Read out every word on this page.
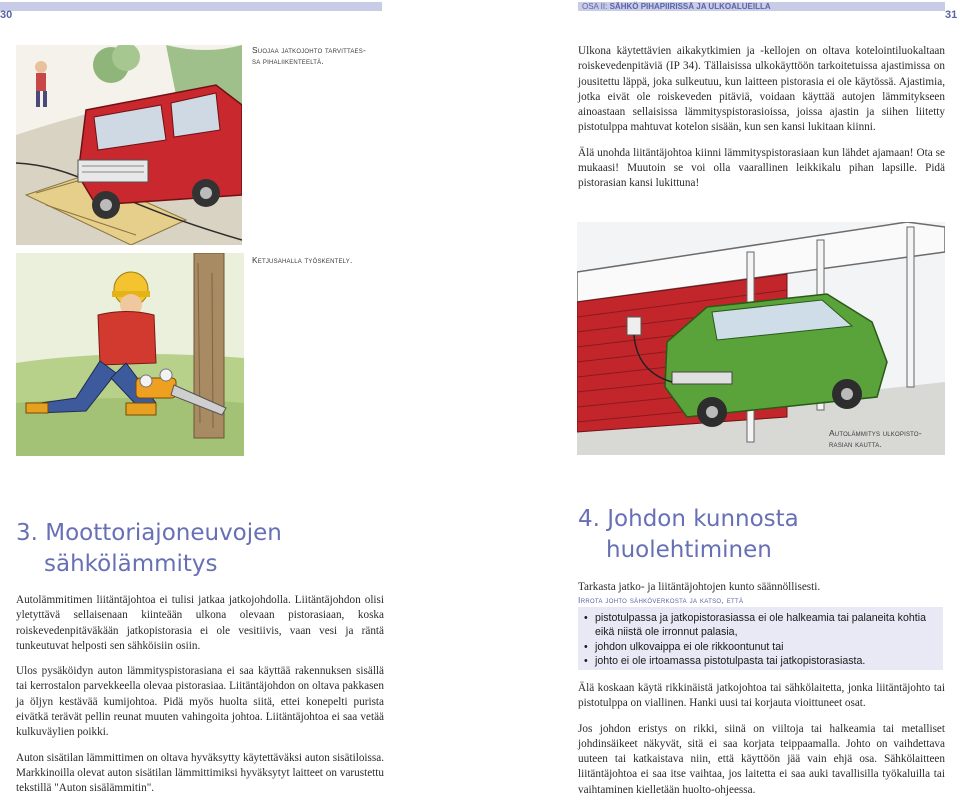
30	31
OSA II: SÄHKÖ PIHAPIIRISSÄ JA ULKOALUEILLA
Suojaa jatkojohto tarvittaes-
sa pihaliikenteeltä.

Ulkona käytettävien aikakytkimien ja -kellojen on oltava kotelointiluokaltaan roiskevedenpitäviä (IP 34). Tällaisissa ulkokäyttöön tarkoitetuissa ajastimissa on jousitettu läppä, joka sulkeutuu, kun laitteen pistorasia ei ole käytössä. Ajastimia, jotka eivät ole roiskeveden pitäviä, voidaan käyttää autojen lämmitykseen ainoastaan sellaisissa lämmityspistorasioissa, joissa ajastin ja siihen liitetty pistotulppa mahtuvat kotelon sisään, kun sen kansi lukitaan kiinni.

Älä unohda liitäntäjohtoa kiinni lämmityspistorasiaan kun lähdet ajamaan! Ota se mukaasi! Muutoin se voi olla vaarallinen leikkikalu pihan lapsille. Pidä pistorasian kansi lukittuna!

Ketjusahalla työskentely.
Autolämmitys ulkopisto-
rasian kautta.
3. Moottoriajoneuvojen
sähkölämmitys

Autolämmitimen liitäntäjohtoa ei tulisi jatkaa jatkojohdolla. Liitäntäjohdon olisi yletyttävä sellaisenaan kiinteään ulkona olevaan pistorasiaan, koska roiskevedenpitäväkään jatkopistorasia ei ole vesitiivis, vaan vesi ja räntä tunkeutuvat helposti sen sähköisiin osiin.

Ulos pysäköidyn auton lämmityspistorasiana ei saa käyttää rakennuksen sisällä tai kerrostalon parvekkeella olevaa pistorasiaa. Liitäntäjohdon on oltava pakkasen ja öljyn kestävää kumijohtoa. Pidä myös huolta siitä, ettei konepelti purista eivätkä terävät pellin reunat muuten vahingoita johtoa. Liitäntäjohtoa ei saa vetää kulkuväylien poikki.

Auton sisätilan lämmittimen on oltava hyväksytty käytettäväksi auton sisätiloissa. Markkinoilla olevat auton sisätilan lämmittimiksi hyväksytyt laitteet on varustettu tekstillä "Auton sisälämmitin".

4. Johdon kunnosta
huolehtiminen
Tarkasta jatko- ja liitäntäjohtojen kunto säännöllisesti.
Irrota johto sähköverkosta ja katso, että
• pistotulpassa ja jatkopistorasiassa ei ole halkeamia tai palaneita kohtia
eikä niistä ole irronnut palasia,
• johdon ulkovaippa ei ole rikkoontunut tai
• johto ei ole irtoamassa pistotulpasta tai jatkopistorasiasta.

Älä koskaan käytä rikkinäistä jatkojohtoa tai sähkölaitetta, jonka liitäntäjohto tai pistotulppa on viallinen. Hanki uusi tai korjauta vioittuneet osat.

Jos johdon eristys on rikki, siinä on viiltoja tai halkeamia tai metalliset johdinsäikeet näkyvät, sitä ei saa korjata teippaamalla. Johto on vaihdettava uuteen tai katkaistava niin, että käyttöön jää vain ehjä osa. Sähkölaitteen liitäntäjohtoa ei saa itse vaihtaa, jos laitetta ei saa auki tavallisilla työkaluilla tai vaihtaminen kielletään huolto-ohjeessa.
